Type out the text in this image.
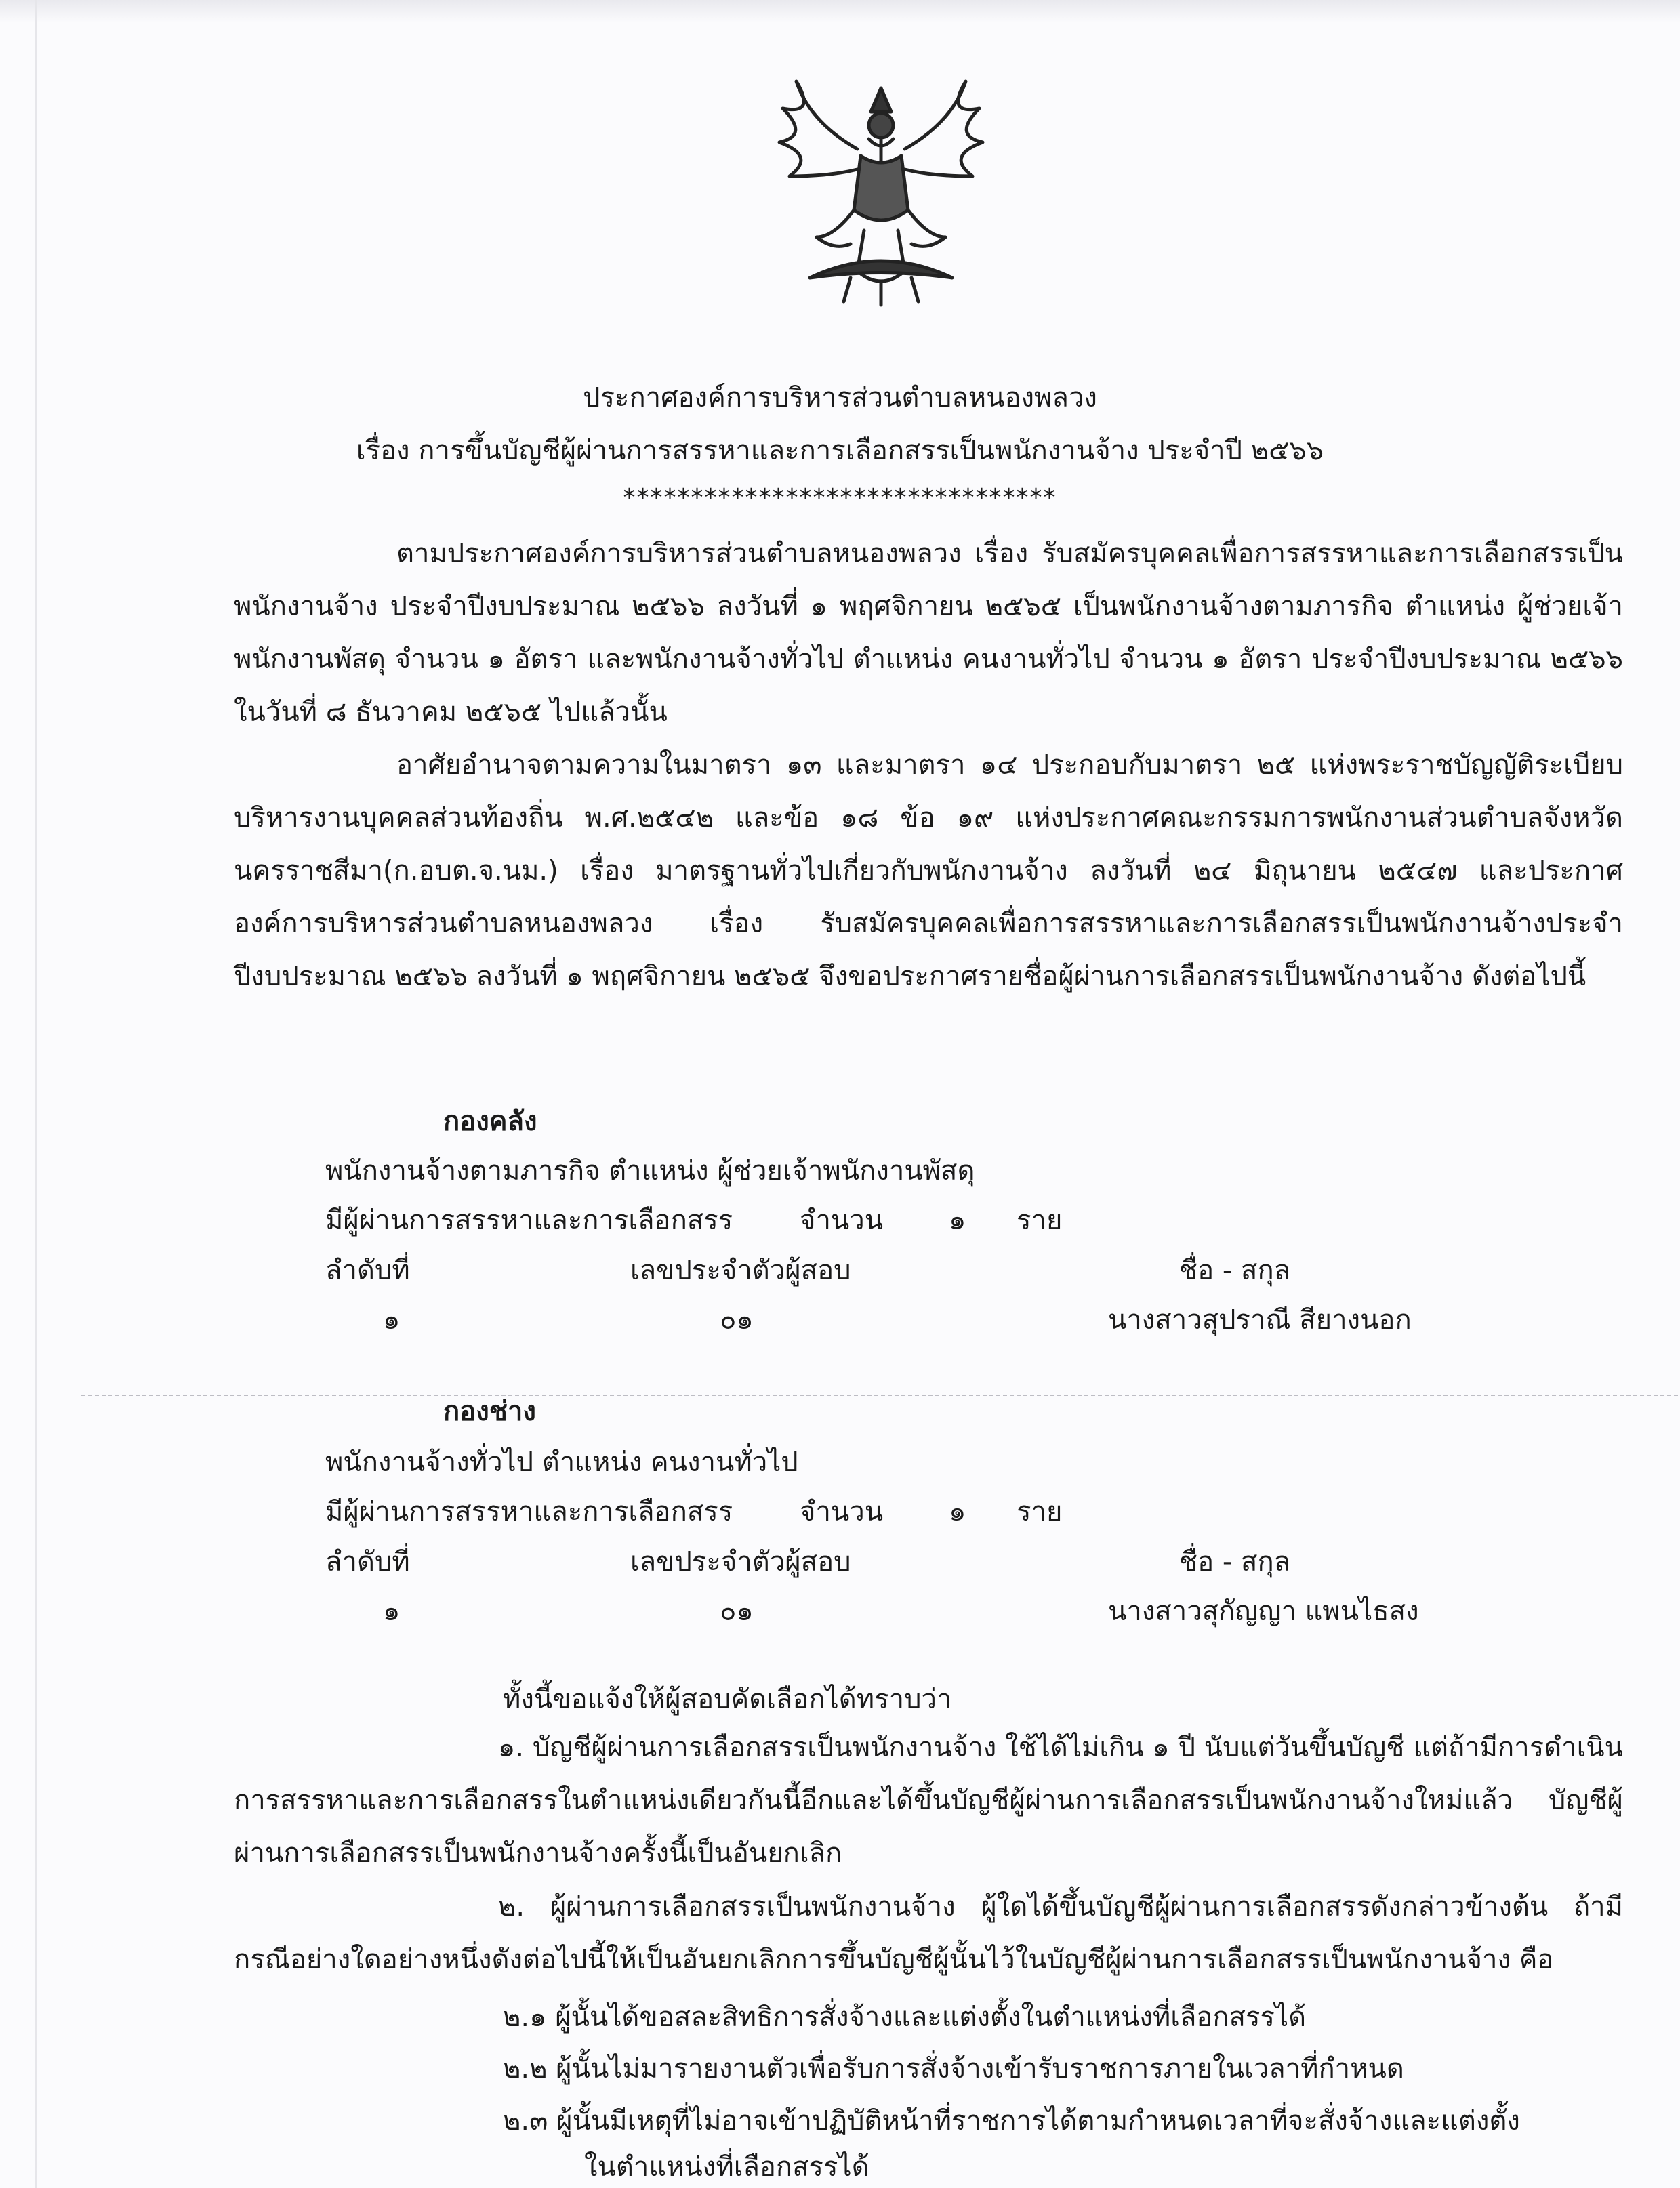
ประกาศองค์การบริหารส่วนตำบลหนองพลวง
เรื่อง การขึ้นบัญชีผู้ผ่านการสรรหาและการเลือกสรรเป็นพนักงานจ้าง ประจำปี ๒๕๖๖
********************************
ตามประกาศองค์การบริหารส่วนตำบลหนองพลวง เรื่อง รับสมัครบุคคลเพื่อการสรรหาและการเลือกสรรเป็นพนักงานจ้าง ประจำปีงบประมาณ ๒๕๖๖ ลงวันที่ ๑ พฤศจิกายน ๒๕๖๕ เป็นพนักงานจ้างตามภารกิจ ตำแหน่ง ผู้ช่วยเจ้าพนักงานพัสดุ จำนวน ๑ อัตรา และพนักงานจ้างทั่วไป ตำแหน่ง คนงานทั่วไป จำนวน ๑ อัตรา ประจำปีงบประมาณ ๒๕๖๖ ในวันที่ ๘ ธันวาคม ๒๕๖๕ ไปแล้วนั้น
อาศัยอำนาจตามความในมาตรา ๑๓ และมาตรา ๑๔ ประกอบกับมาตรา ๒๕ แห่งพระราชบัญญัติระเบียบบริหารงานบุคคลส่วนท้องถิ่น พ.ศ.๒๕๔๒ และข้อ ๑๘ ข้อ ๑๙ แห่งประกาศคณะกรรมการพนักงานส่วนตำบลจังหวัดนครราชสีมา(ก.อบต.จ.นม.) เรื่อง มาตรฐานทั่วไปเกี่ยวกับพนักงานจ้าง ลงวันที่ ๒๔ มิถุนายน ๒๕๔๗ และประกาศองค์การบริหารส่วนตำบลหนองพลวง เรื่อง รับสมัครบุคคลเพื่อการสรรหาและการเลือกสรรเป็นพนักงานจ้างประจำปีงบประมาณ ๒๕๖๖ ลงวันที่ ๑ พฤศจิกายน ๒๕๖๕ จึงขอประกาศรายชื่อผู้ผ่านการเลือกสรรเป็นพนักงานจ้าง ดังต่อไปนี้
กองคลัง
พนักงานจ้างตามภารกิจ ตำแหน่ง ผู้ช่วยเจ้าพนักงานพัสดุ
มีผู้ผ่านการสรรหาและการเลือกสรร จำนวน ๑ ราย
ลำดับที่	เลขประจำตัวผู้สอบ	ชื่อ - สกุล
๑	๐๑	นางสาวสุปราณี สียางนอก
กองช่าง
พนักงานจ้างทั่วไป ตำแหน่ง คนงานทั่วไป
มีผู้ผ่านการสรรหาและการเลือกสรร จำนวน ๑ ราย
ลำดับที่	เลขประจำตัวผู้สอบ	ชื่อ - สกุล
๑	๐๑	นางสาวสุกัญญา แพนไธสง
ทั้งนี้ขอแจ้งให้ผู้สอบคัดเลือกได้ทราบว่า
๑. บัญชีผู้ผ่านการเลือกสรรเป็นพนักงานจ้าง ใช้ได้ไม่เกิน ๑ ปี นับแต่วันขึ้นบัญชี แต่ถ้ามีการดำเนินการสรรหาและการเลือกสรรในตำแหน่งเดียวกันนี้อีกและได้ขึ้นบัญชีผู้ผ่านการเลือกสรรเป็นพนักงานจ้างใหม่แล้ว บัญชีผู้ผ่านการเลือกสรรเป็นพนักงานจ้างครั้งนี้เป็นอันยกเลิก
๒. ผู้ผ่านการเลือกสรรเป็นพนักงานจ้าง ผู้ใดได้ขึ้นบัญชีผู้ผ่านการเลือกสรรดังกล่าวข้างต้น ถ้ามีกรณีอย่างใดอย่างหนึ่งดังต่อไปนี้ให้เป็นอันยกเลิกการขึ้นบัญชีผู้นั้นไว้ในบัญชีผู้ผ่านการเลือกสรรเป็นพนักงานจ้าง คือ
๒.๑ ผู้นั้นได้ขอสละสิทธิการสั่งจ้างและแต่งตั้งในตำแหน่งที่เลือกสรรได้
๒.๒ ผู้นั้นไม่มารายงานตัวเพื่อรับการสั่งจ้างเข้ารับราชการภายในเวลาที่กำหนด
๒.๓ ผู้นั้นมีเหตุที่ไม่อาจเข้าปฏิบัติหน้าที่ราชการได้ตามกำหนดเวลาที่จะสั่งจ้างและแต่งตั้ง
ในตำแหน่งที่เลือกสรรได้
